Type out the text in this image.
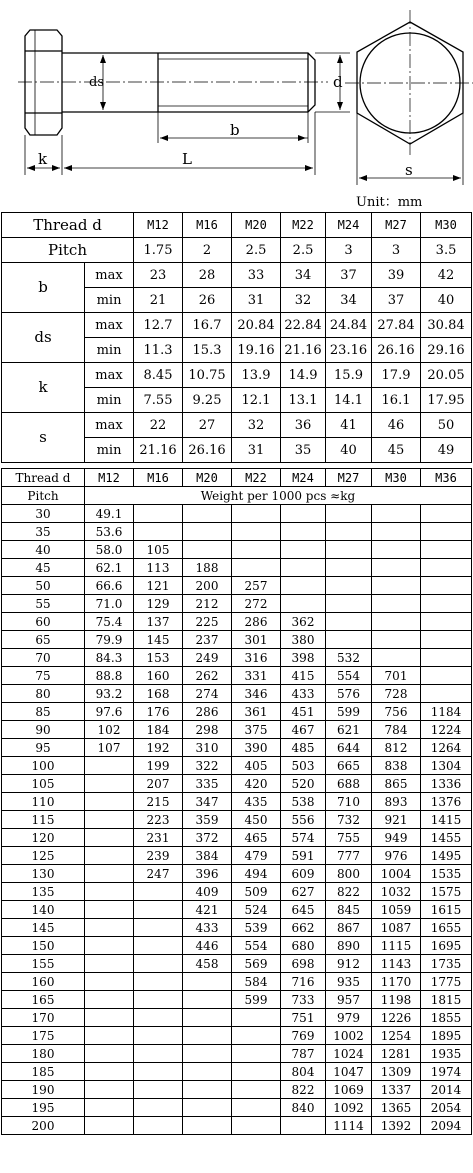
ds	d
b
k	L
s
Unit：mm
Thread d		M12	M16	M20	M22	M24	M27	M30	
Pitch		1.75	2	2.5	2.5	3	3	3.5	
b	max	23	28	33	34	37	39	42	
	min	21	26	31	32	34	37	40	
ds	max	12.7	16.7	20.84	22.84	24.84	27.84	30.84	
	min	11.3	15.3	19.16	21.16	23.16	26.16	29.16	
k	max	8.45	10.75	13.9	14.9	15.9	17.9	20.05	
	min	7.55	9.25	12.1	13.1	14.1	16.1	17.95	
s	max	22	27	32	36	41	46	50	
	min	21.16	26.16	31	35	40	45	49	
Thread d	M12	M16	M20	M22	M24	M27	M30	M36
Pitch	Weight per 1000 pcs ≈kg							
30	49.1							
35	53.6							
40	58.0	105						
45	62.1	113	188					
50	66.6	121	200	257				
55	71.0	129	212	272				
60	75.4	137	225	286	362			
65	79.9	145	237	301	380			
70	84.3	153	249	316	398	532		
75	88.8	160	262	331	415	554	701	
80	93.2	168	274	346	433	576	728	
85	97.6	176	286	361	451	599	756	1184
90	102	184	298	375	467	621	784	1224
95	107	192	310	390	485	644	812	1264
100		199	322	405	503	665	838	1304
105		207	335	420	520	688	865	1336
110		215	347	435	538	710	893	1376
115		223	359	450	556	732	921	1415
120		231	372	465	574	755	949	1455
125		239	384	479	591	777	976	1495
130		247	396	494	609	800	1004	1535
135			409	509	627	822	1032	1575
140			421	524	645	845	1059	1615
145			433	539	662	867	1087	1655
150			446	554	680	890	1115	1695
155			458	569	698	912	1143	1735
160				584	716	935	1170	1775
165				599	733	957	1198	1815
170					751	979	1226	1855
175					769	1002	1254	1895
180					787	1024	1281	1935
185					804	1047	1309	1974
190					822	1069	1337	2014
195					840	1092	1365	2054
200						1114	1392	2094
